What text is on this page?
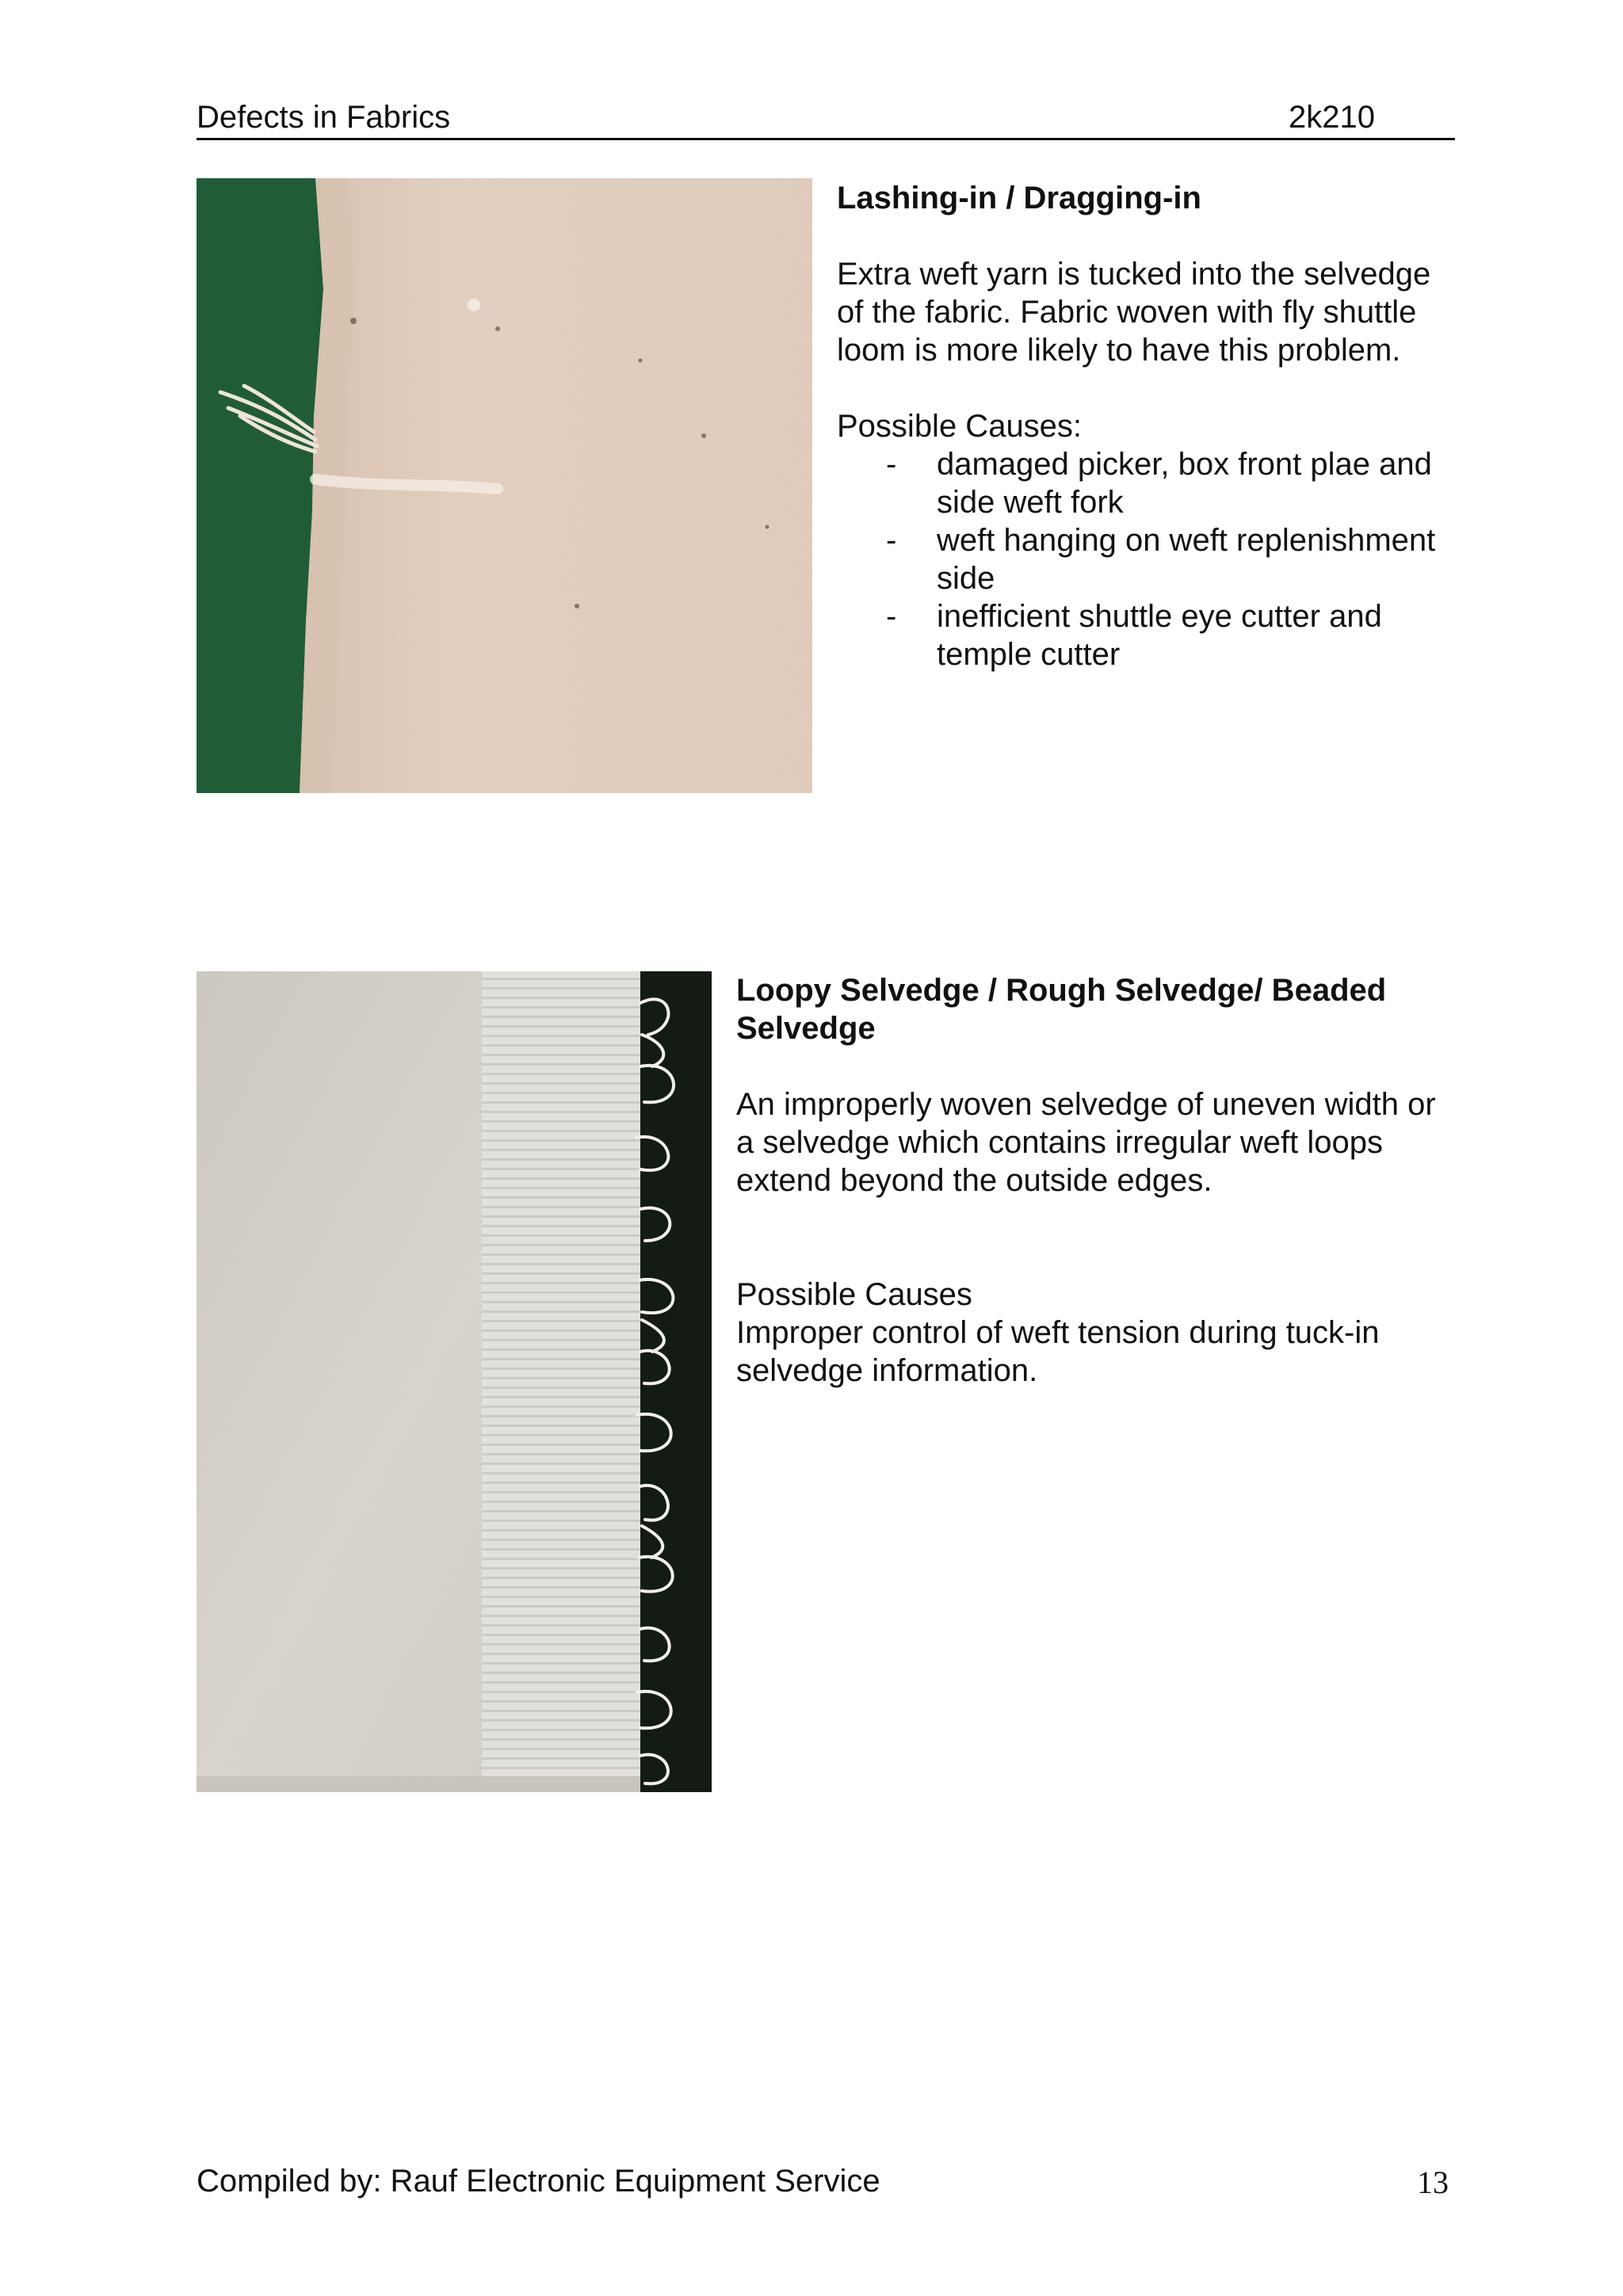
Defects in Fabrics	2k210
Lashing-in / Dragging-in

Extra weft yarn is tucked into the selvedge of the fabric. Fabric woven with fly shuttle loom is more likely to have this problem.

Possible Causes:

- damaged picker, box front plae and side weft fork
- weft hanging on weft replenishment side
- inefficient shuttle eye cutter and temple cutter
Loopy Selvedge / Rough Selvedge/ Beaded Selvedge

An improperly woven selvedge of uneven width or a selvedge which contains irregular weft loops extend beyond the outside edges.

Possible Causes

Improper control of weft tension during tuck-in selvedge information.

Compiled by: Rauf Electronic Equipment Service	13
